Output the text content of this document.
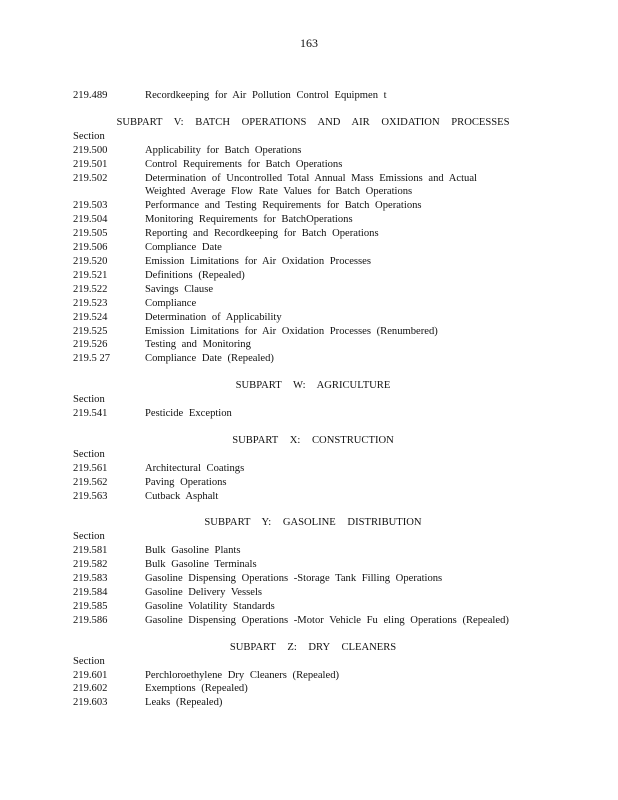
163
219.489	Recordkeeping for Air Pollution Control Equipmen t
SUBPART V: BATCH OPERATIONS AND AIR OXIDATION PROCESSES
Section
219.500	Applicability for Batch Operations
219.501	Control Requirements for Batch Operations
219.502	Determination of Uncontrolled Total Annual Mass Emissions and Actual
Weighted Average Flow Rate Values for Batch Operations
219.503	Performance and Testing Requirements for Batch Operations
219.504	Monitoring Requirements for BatchOperations
219.505	Reporting and Recordkeeping for Batch Operations
219.506	Compliance Date
219.520	Emission Limitations for Air Oxidation Processes
219.521	Definitions (Repealed)
219.522	Savings Clause
219.523	Compliance
219.524	Determination of Applicability
219.525	Emission Limitations for Air Oxidation Processes (Renumbered)
219.526	Testing and Monitoring
219.5 27	Compliance Date (Repealed)
SUBPART W: AGRICULTURE
Section
219.541	Pesticide Exception
SUBPART X: CONSTRUCTION
Section
219.561	Architectural Coatings
219.562	Paving Operations
219.563	Cutback Asphalt
SUBPART Y: GASOLINE DISTRIBUTION
Section
219.581	Bulk Gasoline Plants
219.582	Bulk Gasoline Terminals
219.583	Gasoline Dispensing Operations -Storage Tank Filling Operations
219.584	Gasoline Delivery Vessels
219.585	Gasoline Volatility Standards
219.586	Gasoline Dispensing Operations -Motor Vehicle Fu eling Operations (Repealed)
SUBPART Z: DRY CLEANERS
Section
219.601	Perchloroethylene Dry Cleaners (Repealed)
219.602	Exemptions (Repealed)
219.603	Leaks (Repealed)
